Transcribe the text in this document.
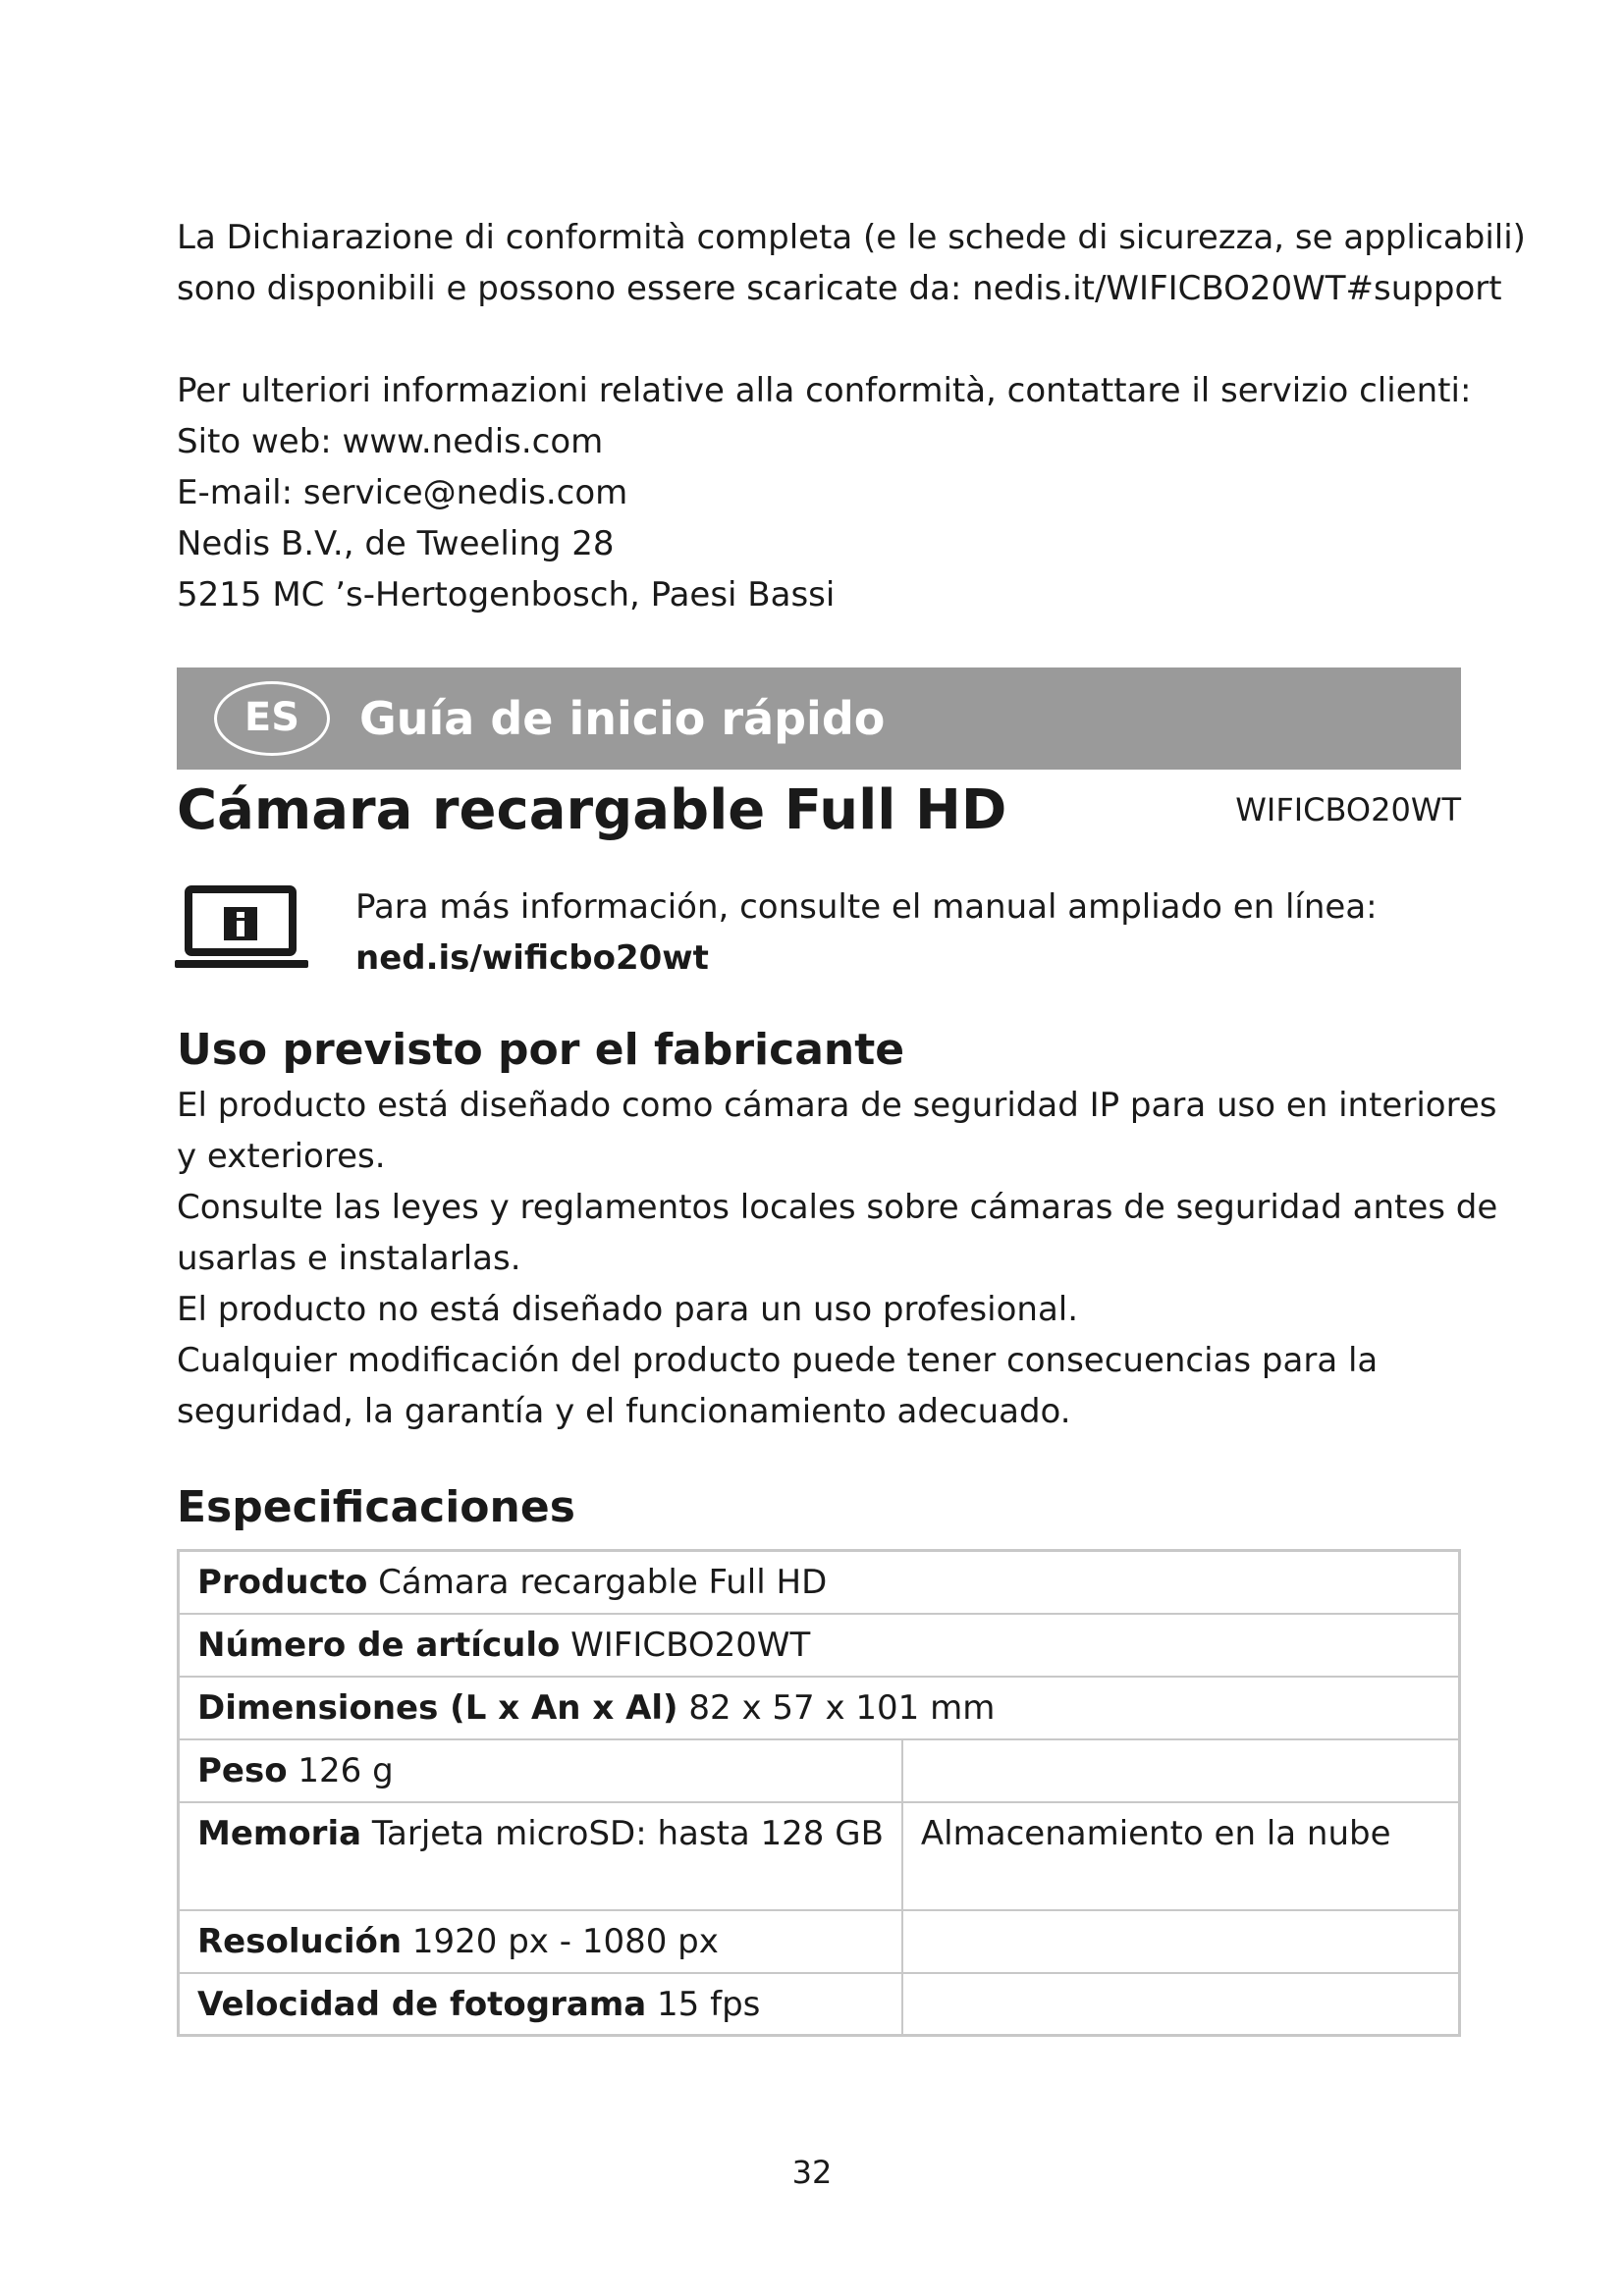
La Dichiarazione di conformità completa (e le schede di sicurezza, se applicabili)
sono disponibili e possono essere scaricate da: nedis.it/WIFICBO20WT#support
Per ulteriori informazioni relative alla conformità, contattare il servizio clienti:
Sito web: www.nedis.com
E-mail: service@nedis.com
Nedis B.V., de Tweeling 28
5215 MC ’s-Hertogenbosch, Paesi Bassi
ES	Guía de inicio rápido
Cámara recargable Full HD	WIFICBO20WT
Para más información, consulte el manual ampliado en línea:
ned.is/wificbo20wt
Uso previsto por el fabricante
El producto está diseñado como cámara de seguridad IP para uso en interiores
y exteriores.
Consulte las leyes y reglamentos locales sobre cámaras de seguridad antes de
usarlas e instalarlas.
El producto no está diseñado para un uso profesional.
Cualquier modificación del producto puede tener consecuencias para la
seguridad, la garantía y el funcionamiento adecuado.
Especificaciones
Producto Cámara recargable Full HD	
Número de artículo WIFICBO20WT	
Dimensiones (L x An x Al) 82 x 57 x 101 mm	
Peso 126 g	
Memoria Tarjeta microSD: hasta 128 GB	Almacenamiento en la nube
Resolución 1920 px - 1080 px	
Velocidad de fotograma 15 fps	
32
